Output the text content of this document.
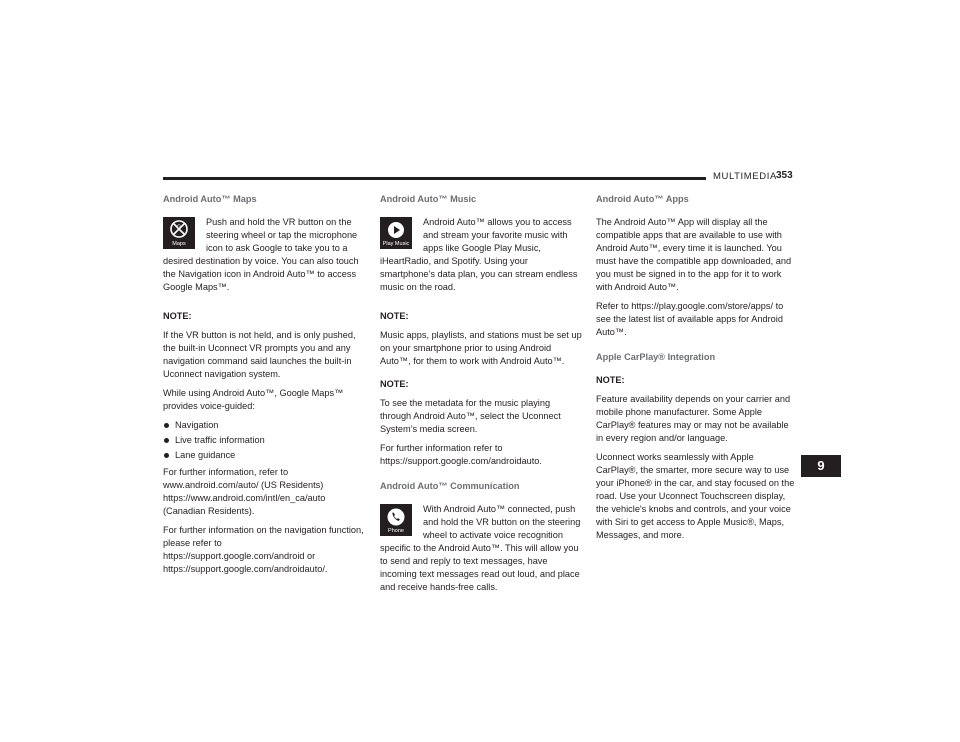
MULTIMEDIA 353
9
Android Auto™ Maps
G
Maps

Push and hold the VR button on the steering wheel or tap the microphone icon to ask Google to take you to a desired destination by voice. You can also touch the Navigation icon in Android Auto™ to access Google Maps™.

NOTE:

If the VR button is not held, and is only pushed, the built-in Uconnect VR prompts you and any navigation command said launches the built-in Uconnect navigation system.

While using Android Auto™, Google Maps™ provides voice-guided:

Navigation
Live traffic information
Lane guidance

For further information, refer to www.android.com/auto/ (US Residents) https://www.android.com/intl/en_ca/auto (Canadian Residents).

For further information on the navigation function, please refer to https://support.google.com/android or https://support.google.com/androidauto/.

Android Auto™ Music
Play Music

Android Auto™ allows you to access and stream your favorite music with apps like Google Play Music, iHeartRadio, and Spotify. Using your smartphone’s data plan, you can stream endless music on the road.

NOTE:

Music apps, playlists, and stations must be set up on your smartphone prior to using Android Auto™, for them to work with Android Auto™.

NOTE:

To see the metadata for the music playing through Android Auto™, select the Uconnect System’s media screen.

For further information refer to https://support.google.com/androidauto.

Android Auto™ Communication
Phone

With Android Auto™ connected, push and hold the VR button on the steering wheel to activate voice recognition specific to the Android Auto™. This will allow you to send and reply to text messages, have incoming text messages read out loud, and place and receive hands-free calls.

Android Auto™ Apps

The Android Auto™ App will display all the compatible apps that are available to use with Android Auto™, every time it is launched. You must have the compatible app downloaded, and you must be signed in to the app for it to work with Android Auto™.

Refer to https://play.google.com/store/apps/ to see the latest list of available apps for Android Auto™.

Apple CarPlay® Integration

NOTE:

Feature availability depends on your carrier and mobile phone manufacturer. Some Apple CarPlay® features may or may not be available in every region and/or language.

Uconnect works seamlessly with Apple CarPlay®, the smarter, more secure way to use your iPhone® in the car, and stay focused on the road. Use your Uconnect Touchscreen display, the vehicle's knobs and controls, and your voice with Siri to get access to Apple Music®, Maps, Messages, and more.
